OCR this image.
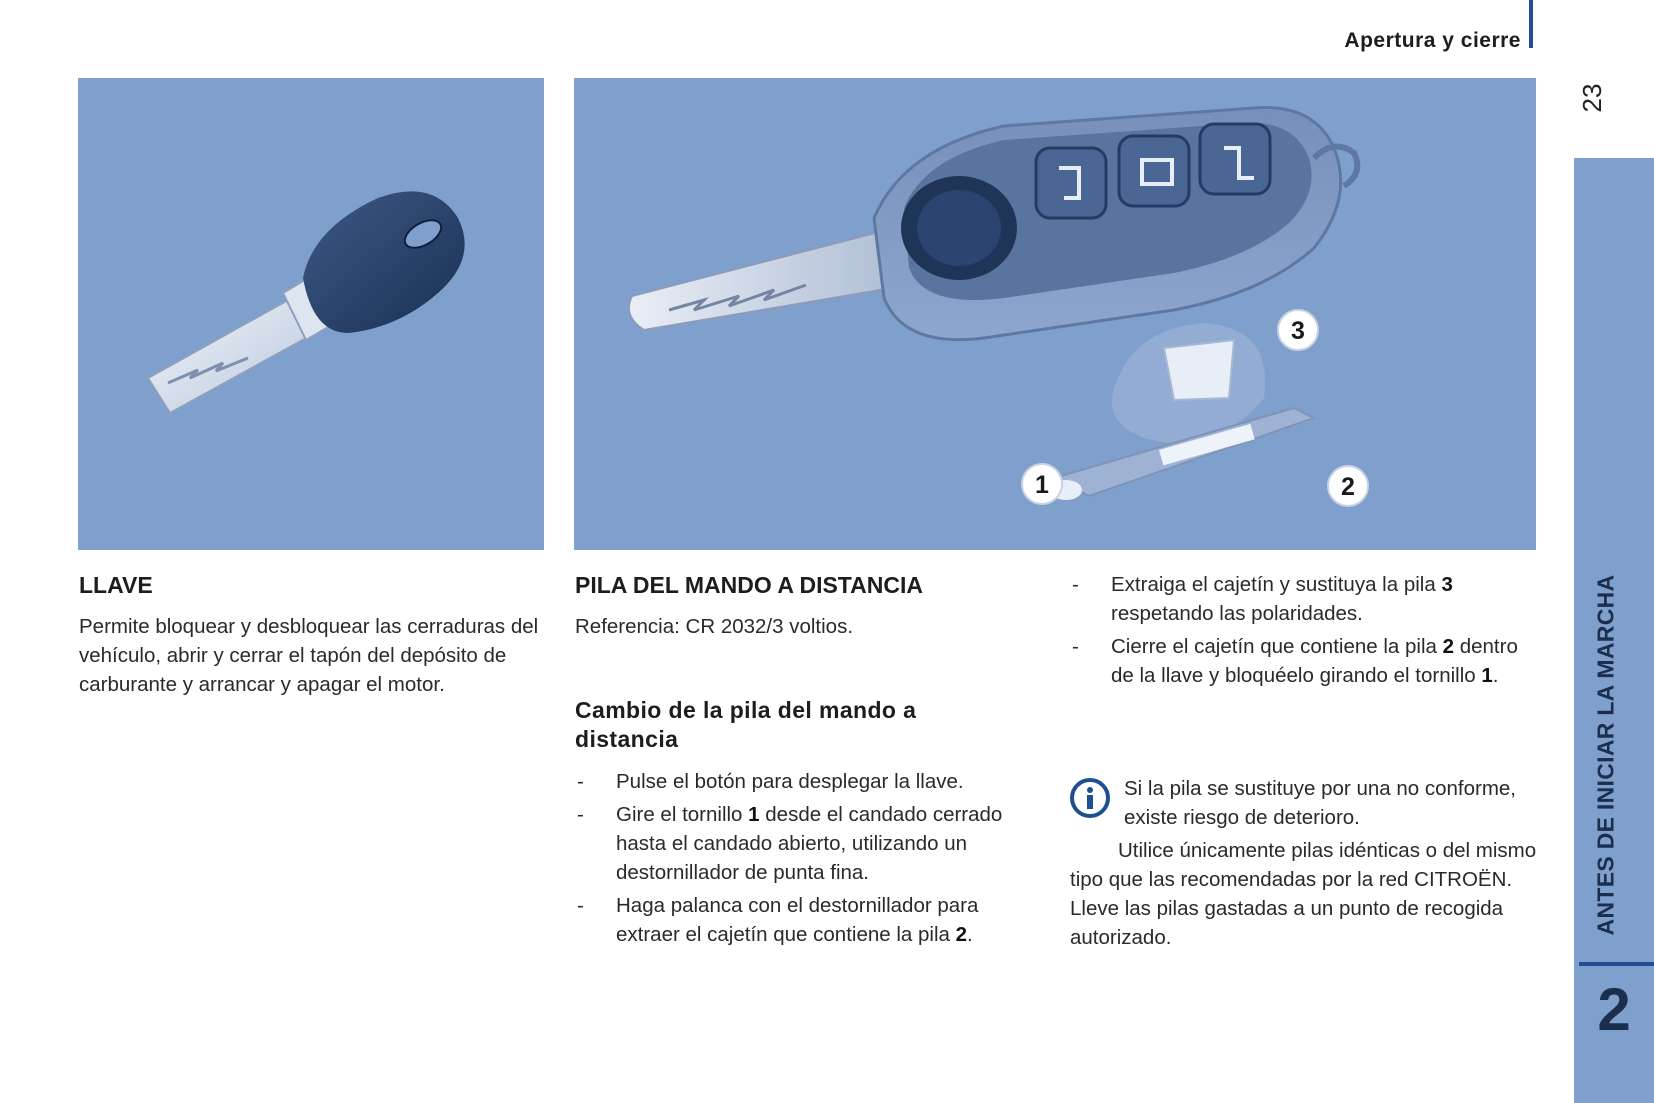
Apertura y cierre
23
ANTES DE INICIAR LA MARCHA
2
1	2
3
LLAVE
Permite bloquear y desbloquear las cerraduras del vehículo, abrir y cerrar el tapón del depósito de carburante y arrancar y apagar el motor.
PILA DEL MANDO A DISTANCIA
Referencia: CR 2032/3 voltios.
Cambio de la pila del mando a distancia
- Pulse el botón para desplegar la llave.
- Gire el tornillo 1 desde el candado cerrado hasta el candado abierto, utilizando un destornillador de punta fina.
- Haga palanca con el destornillador para extraer el cajetín que contiene la pila 2.
- Extraiga el cajetín y sustituya la pila 3 respetando las polaridades.
- Cierre el cajetín que contiene la pila 2 dentro de la llave y bloquéelo girando el tornillo 1.
Si la pila se sustituye por una no conforme, existe riesgo de deterioro.
Utilice únicamente pilas idénticas o del mismo tipo que las recomendadas por la red CITROËN. Lleve las pilas gastadas a un punto de recogida autorizado.
